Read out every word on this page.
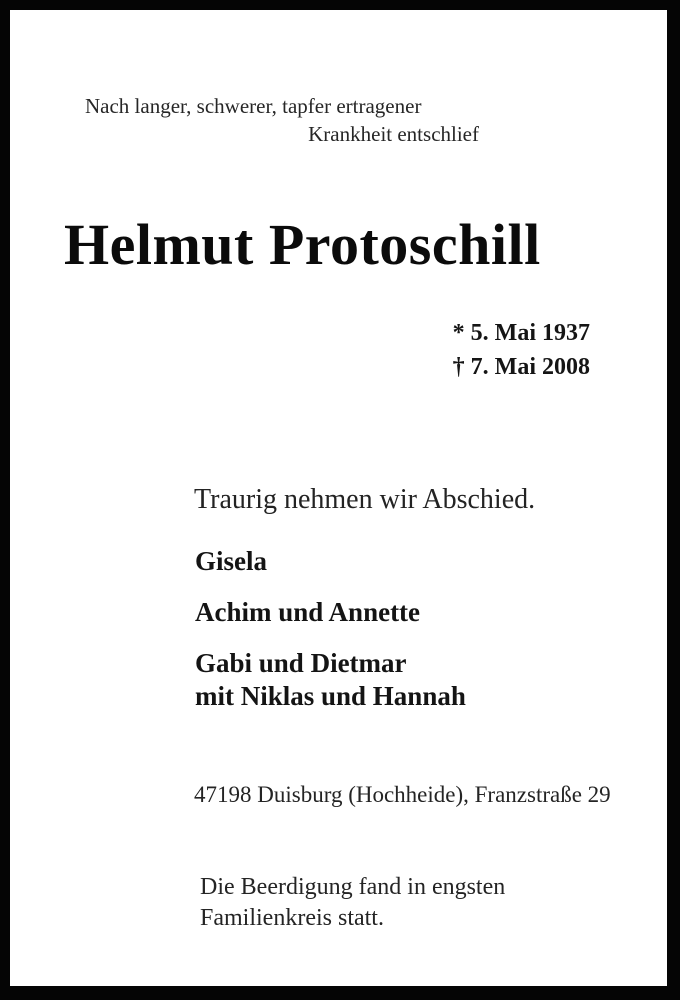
Nach langer, schwerer, tapfer ertragener
Krankheit entschlief
Helmut Protoschill
* 5. Mai 1937
† 7. Mai 2008
Traurig nehmen wir Abschied.
Gisela
Achim und Annette
Gabi und Dietmar
mit Niklas und Hannah
47198 Duisburg (Hochheide), Franzstraße 29
Die Beerdigung fand in engsten
Familienkreis statt.
